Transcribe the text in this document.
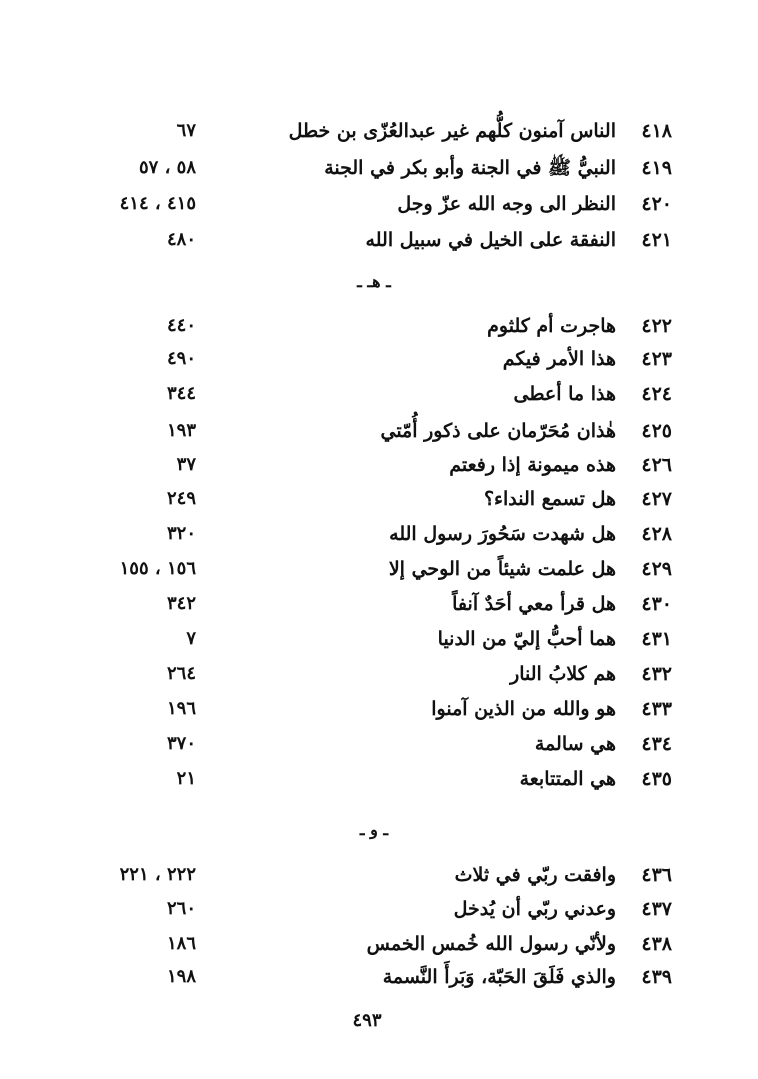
٤١٨
الناس آمنون كلُّهم غير عبدالعُزّى بن خطل
٦٧
٤١٩
النبيُّ ﷺ في الجنة وأبو بكر في الجنة
٥٨ ، ٥٧
٤٢٠
النظر الى وجه الله عزّ وجل
٤١٥ ، ٤١٤
٤٢١
النفقة على الخيل في سبيل الله
٤٨٠
ـ هـ ـ
٤٢٢
هاجرت أم كلثوم
٤٤٠
٤٢٣
هذا الأمر فيكم
٤٩٠
٤٢٤
هذا ما أعطى
٣٤٤
٤٢٥
هٰذان مُحَرّمان على ذكور أُمّتي
١٩٣
٤٢٦
هذه ميمونة إذا رفعتم
٣٧
٤٢٧
هل تسمع النداء؟
٢٤٩
٤٢٨
هل شهدت سَحُورَ رسول الله
٣٢٠
٤٢٩
هل علمت شيئاً من الوحي إلا
١٥٦ ، ١٥٥
٤٣٠
هل قرأ معي أحَدٌ آنفاً
٣٤٢
٤٣١
هما أحبُّ إليّ من الدنيا
٧
٤٣٢
هم كلابُ النار
٢٦٤
٤٣٣
هو والله من الذين آمنوا
١٩٦
٤٣٤
هي سالمة
٣٧٠
٤٣٥
هي المتتابعة
٢١
ـ و ـ
٤٣٦
وافقت ربّي في ثلاث
٢٢٢ ، ٢٢١
٤٣٧
وعدني ربّي أن يُدخل
٢٦٠
٤٣٨
ولأنّي رسول الله خُمس الخمس
١٨٦
٤٣٩
والذي فَلَقَ الحَبّة، وَبَرأَ النَّسمة
١٩٨
٤٩٣
